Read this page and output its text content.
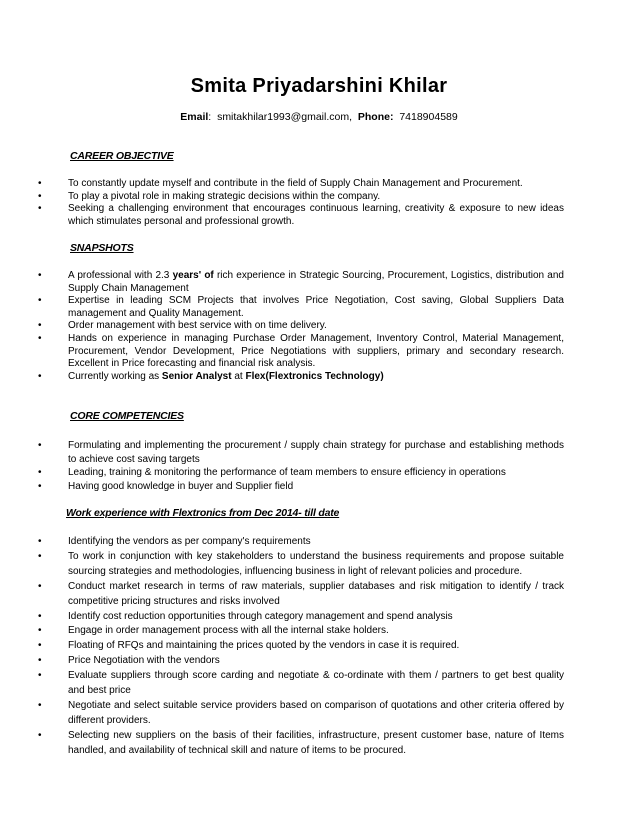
Smita Priyadarshini Khilar
Email:  smitakhilar1993@gmail.com, Phone: 7418904589
CAREER OBJECTIVE
• To constantly update myself and contribute in the field of Supply Chain Management and Procurement.
• To play a pivotal role in making strategic decisions within the company.
• Seeking a challenging environment that encourages continuous learning, creativity & exposure to new ideas which stimulates personal and professional growth.
SNAPSHOTS
• A professional with 2.3 years' of rich experience in Strategic Sourcing, Procurement, Logistics, distribution and Supply Chain Management
• Expertise in leading SCM Projects that involves Price Negotiation, Cost saving, Global Suppliers Data management and Quality Management.
• Order management with best service with on time delivery.
• Hands on experience in managing Purchase Order Management, Inventory Control, Material Management, Procurement, Vendor Development, Price Negotiations with suppliers, primary and secondary research. Excellent in Price forecasting and financial risk analysis.
• Currently working as Senior Analyst at Flex(Flextronics Technology)
CORE COMPETENCIES
• Formulating and implementing the procurement / supply chain strategy for purchase and establishing methods to achieve cost saving targets
• Leading, training & monitoring the performance of team members to ensure efficiency in operations
• Having good knowledge in buyer and Supplier field
Work experience with Flextronics from Dec 2014- till date
• Identifying the vendors as per company's requirements
• To work in conjunction with key stakeholders to understand the business requirements and propose suitable sourcing strategies and methodologies, influencing business in light of relevant policies and procedure.
• Conduct market research in terms of raw materials, supplier databases and risk mitigation to identify / track competitive pricing structures and risks involved
• Identify cost reduction opportunities through category management and spend analysis
• Engage in order management process with all the internal stake holders.
• Floating of RFQs and maintaining the prices quoted by the vendors in case it is required.
• Price Negotiation with the vendors
• Evaluate suppliers through score carding and negotiate & co-ordinate with them / partners to get best quality and best price
• Negotiate and select suitable service providers based on comparison of quotations and other criteria offered by different providers.
• Selecting new suppliers on the basis of their facilities, infrastructure, present customer base, nature of Items handled, and availability of technical skill and nature of items to be procured.
